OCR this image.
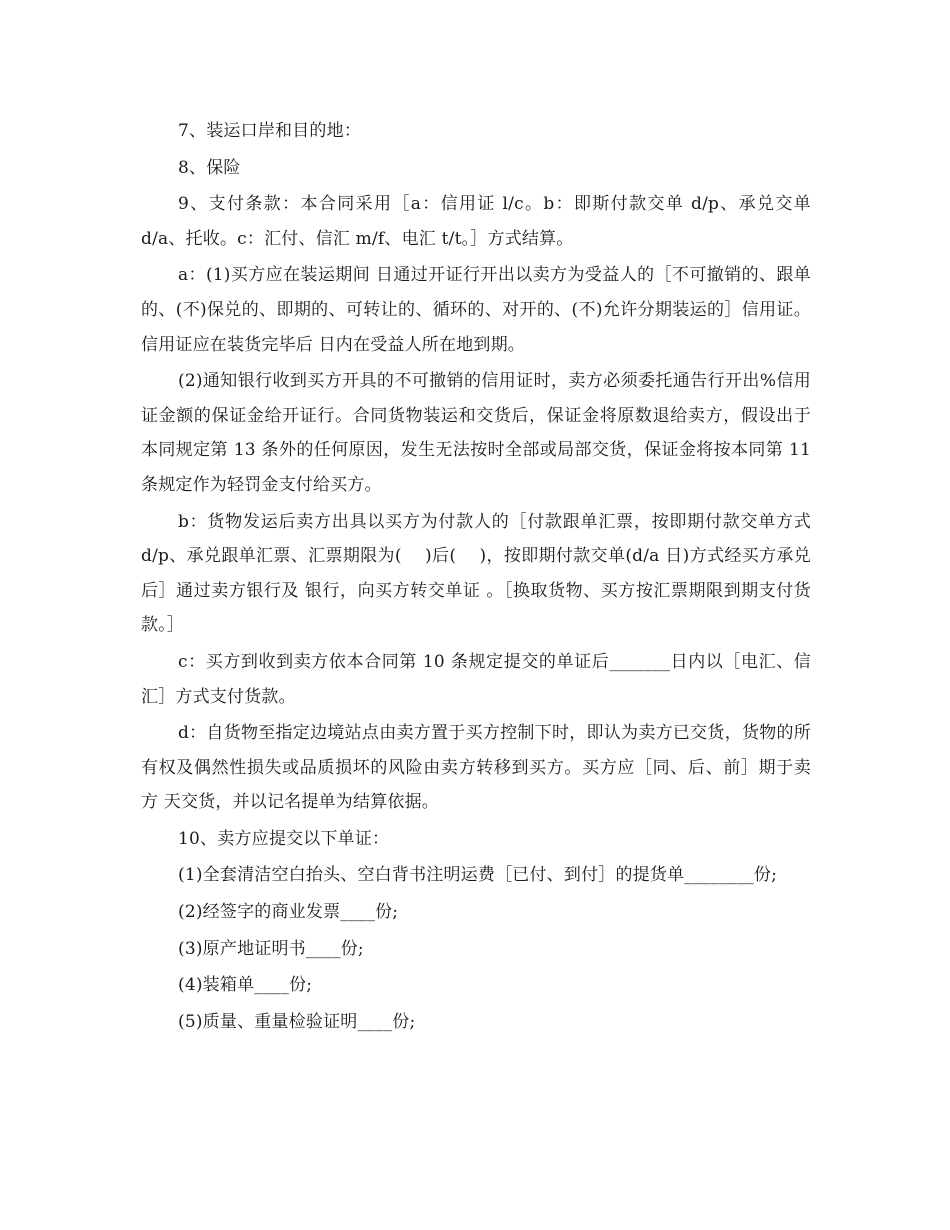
7、装运口岸和目的地：

8、保险

9、支付条款：本合同采用［a：信用证 l/c。b：即斯付款交单 d/p、承兑交单 d/a、托收。c：汇付、信汇 m/f、电汇 t/t。］方式结算。

a：(1)买方应在装运期间 日通过开证行开出以卖方为受益人的［不可撤销的、跟单的、(不)保兑的、即期的、可转让的、循环的、对开的、(不)允许分期装运的］信用证。信用证应在装货完毕后 日内在受益人所在地到期。

(2)通知银行收到买方开具的不可撤销的信用证时，卖方必须委托通告行开出%信用证金额的保证金给开证行。合同货物装运和交货后，保证金将原数退给卖方，假设出于本同规定第 13 条外的任何原因，发生无法按时全部或局部交货，保证金将按本同第 11 条规定作为轻罚金支付给买方。

b：货物发运后卖方出具以买方为付款人的［付款跟单汇票，按即期付款交单方式 d/p、承兑跟单汇票、汇票期限为(　 )后(　 )，按即期付款交单(d/a 日)方式经买方承兑后］通过卖方银行及 银行，向买方转交单证 。［换取货物、买方按汇票期限到期支付货款。］

c：买方到收到卖方依本合同第 10 条规定提交的单证后_______日内以［电汇、信汇］方式支付货款。

d：自货物至指定边境站点由卖方置于买方控制下时，即认为卖方已交货，货物的所有权及偶然性损失或品质损坏的风险由卖方转移到买方。买方应［同、后、前］期于卖方 天交货，并以记名提单为结算依据。

10、卖方应提交以下单证：

(1)全套清洁空白抬头、空白背书注明运费［已付、到付］的提货单________份;

(2)经签字的商业发票____份;

(3)原产地证明书____份;

(4)装箱单____份;

(5)质量、重量检验证明____份;
